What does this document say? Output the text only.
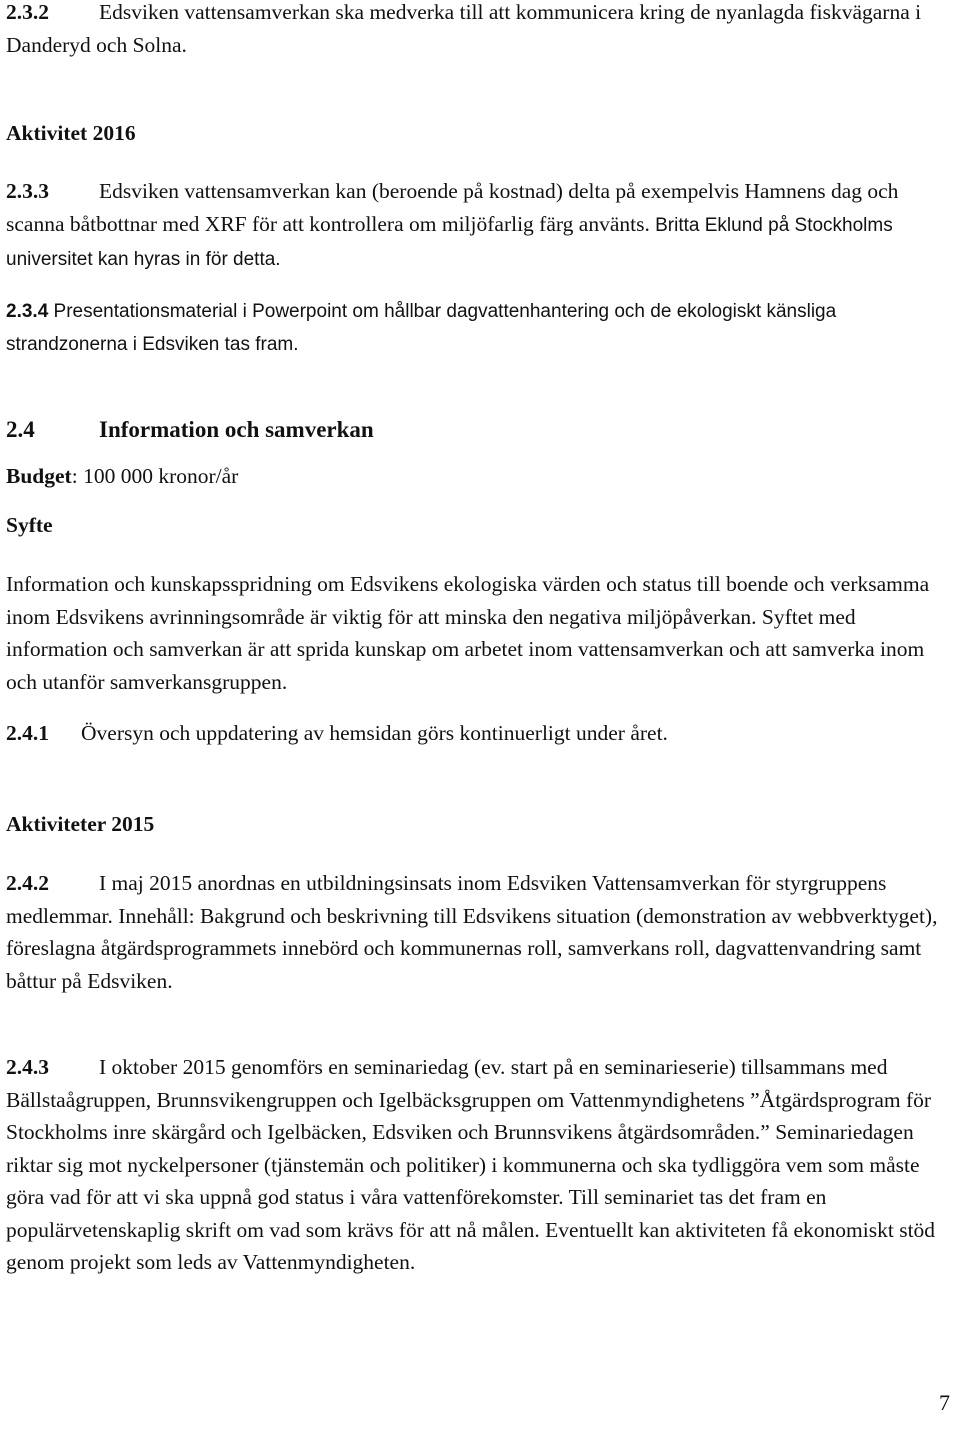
2.3.2 Edsviken vattensamverkan ska medverka till att kommunicera kring de nyanlagda fiskvägarna i Danderyd och Solna.

Aktivitet 2016

2.3.3 Edsviken vattensamverkan kan (beroende på kostnad) delta på exempelvis Hamnens dag och scanna båtbottnar med XRF för att kontrollera om miljöfarlig färg använts. Britta Eklund på Stockholms universitet kan hyras in för detta.

2.3.4 Presentationsmaterial i Powerpoint om hållbar dagvattenhantering och de ekologiskt känsliga strandzonerna i Edsviken tas fram.

2.4	Information och samverkan
Budget: 100 000 kronor/år
Syfte
Information och kunskapsspridning om Edsvikens ekologiska värden och status till boende och verksamma inom Edsvikens avrinningsområde är viktig för att minska den negativa miljöpåverkan. Syftet med information och samverkan är att sprida kunskap om arbetet inom vattensamverkan och att samverka inom och utanför samverkansgruppen.

2.4.1 Översyn och uppdatering av hemsidan görs kontinuerligt under året.

Aktiviteter 2015

2.4.2 I maj 2015 anordnas en utbildningsinsats inom Edsviken Vattensamverkan för styrgruppens medlemmar. Innehåll: Bakgrund och beskrivning till Edsvikens situation (demonstration av webbverktyget), föreslagna åtgärdsprogrammets innebörd och kommunernas roll, samverkans roll, dagvattenvandring samt båttur på Edsviken.

2.4.3 I oktober 2015 genomförs en seminariedag (ev. start på en seminarieserie) tillsammans med Bällstaågruppen, Brunnsvikengruppen och Igelbäcksgruppen om Vattenmyndighetens ”Åtgärdsprogram för Stockholms inre skärgård och Igelbäcken, Edsviken och Brunnsvikens åtgärdsområden.” Seminariedagen riktar sig mot nyckelpersoner (tjänstemän och politiker) i kommunerna och ska tydliggöra vem som måste göra vad för att vi ska uppnå god status i våra vattenförekomster. Till seminariet tas det fram en populärvetenskaplig skrift om vad som krävs för att nå målen. Eventuellt kan aktiviteten få ekonomiskt stöd genom projekt som leds av Vattenmyndigheten.

7
